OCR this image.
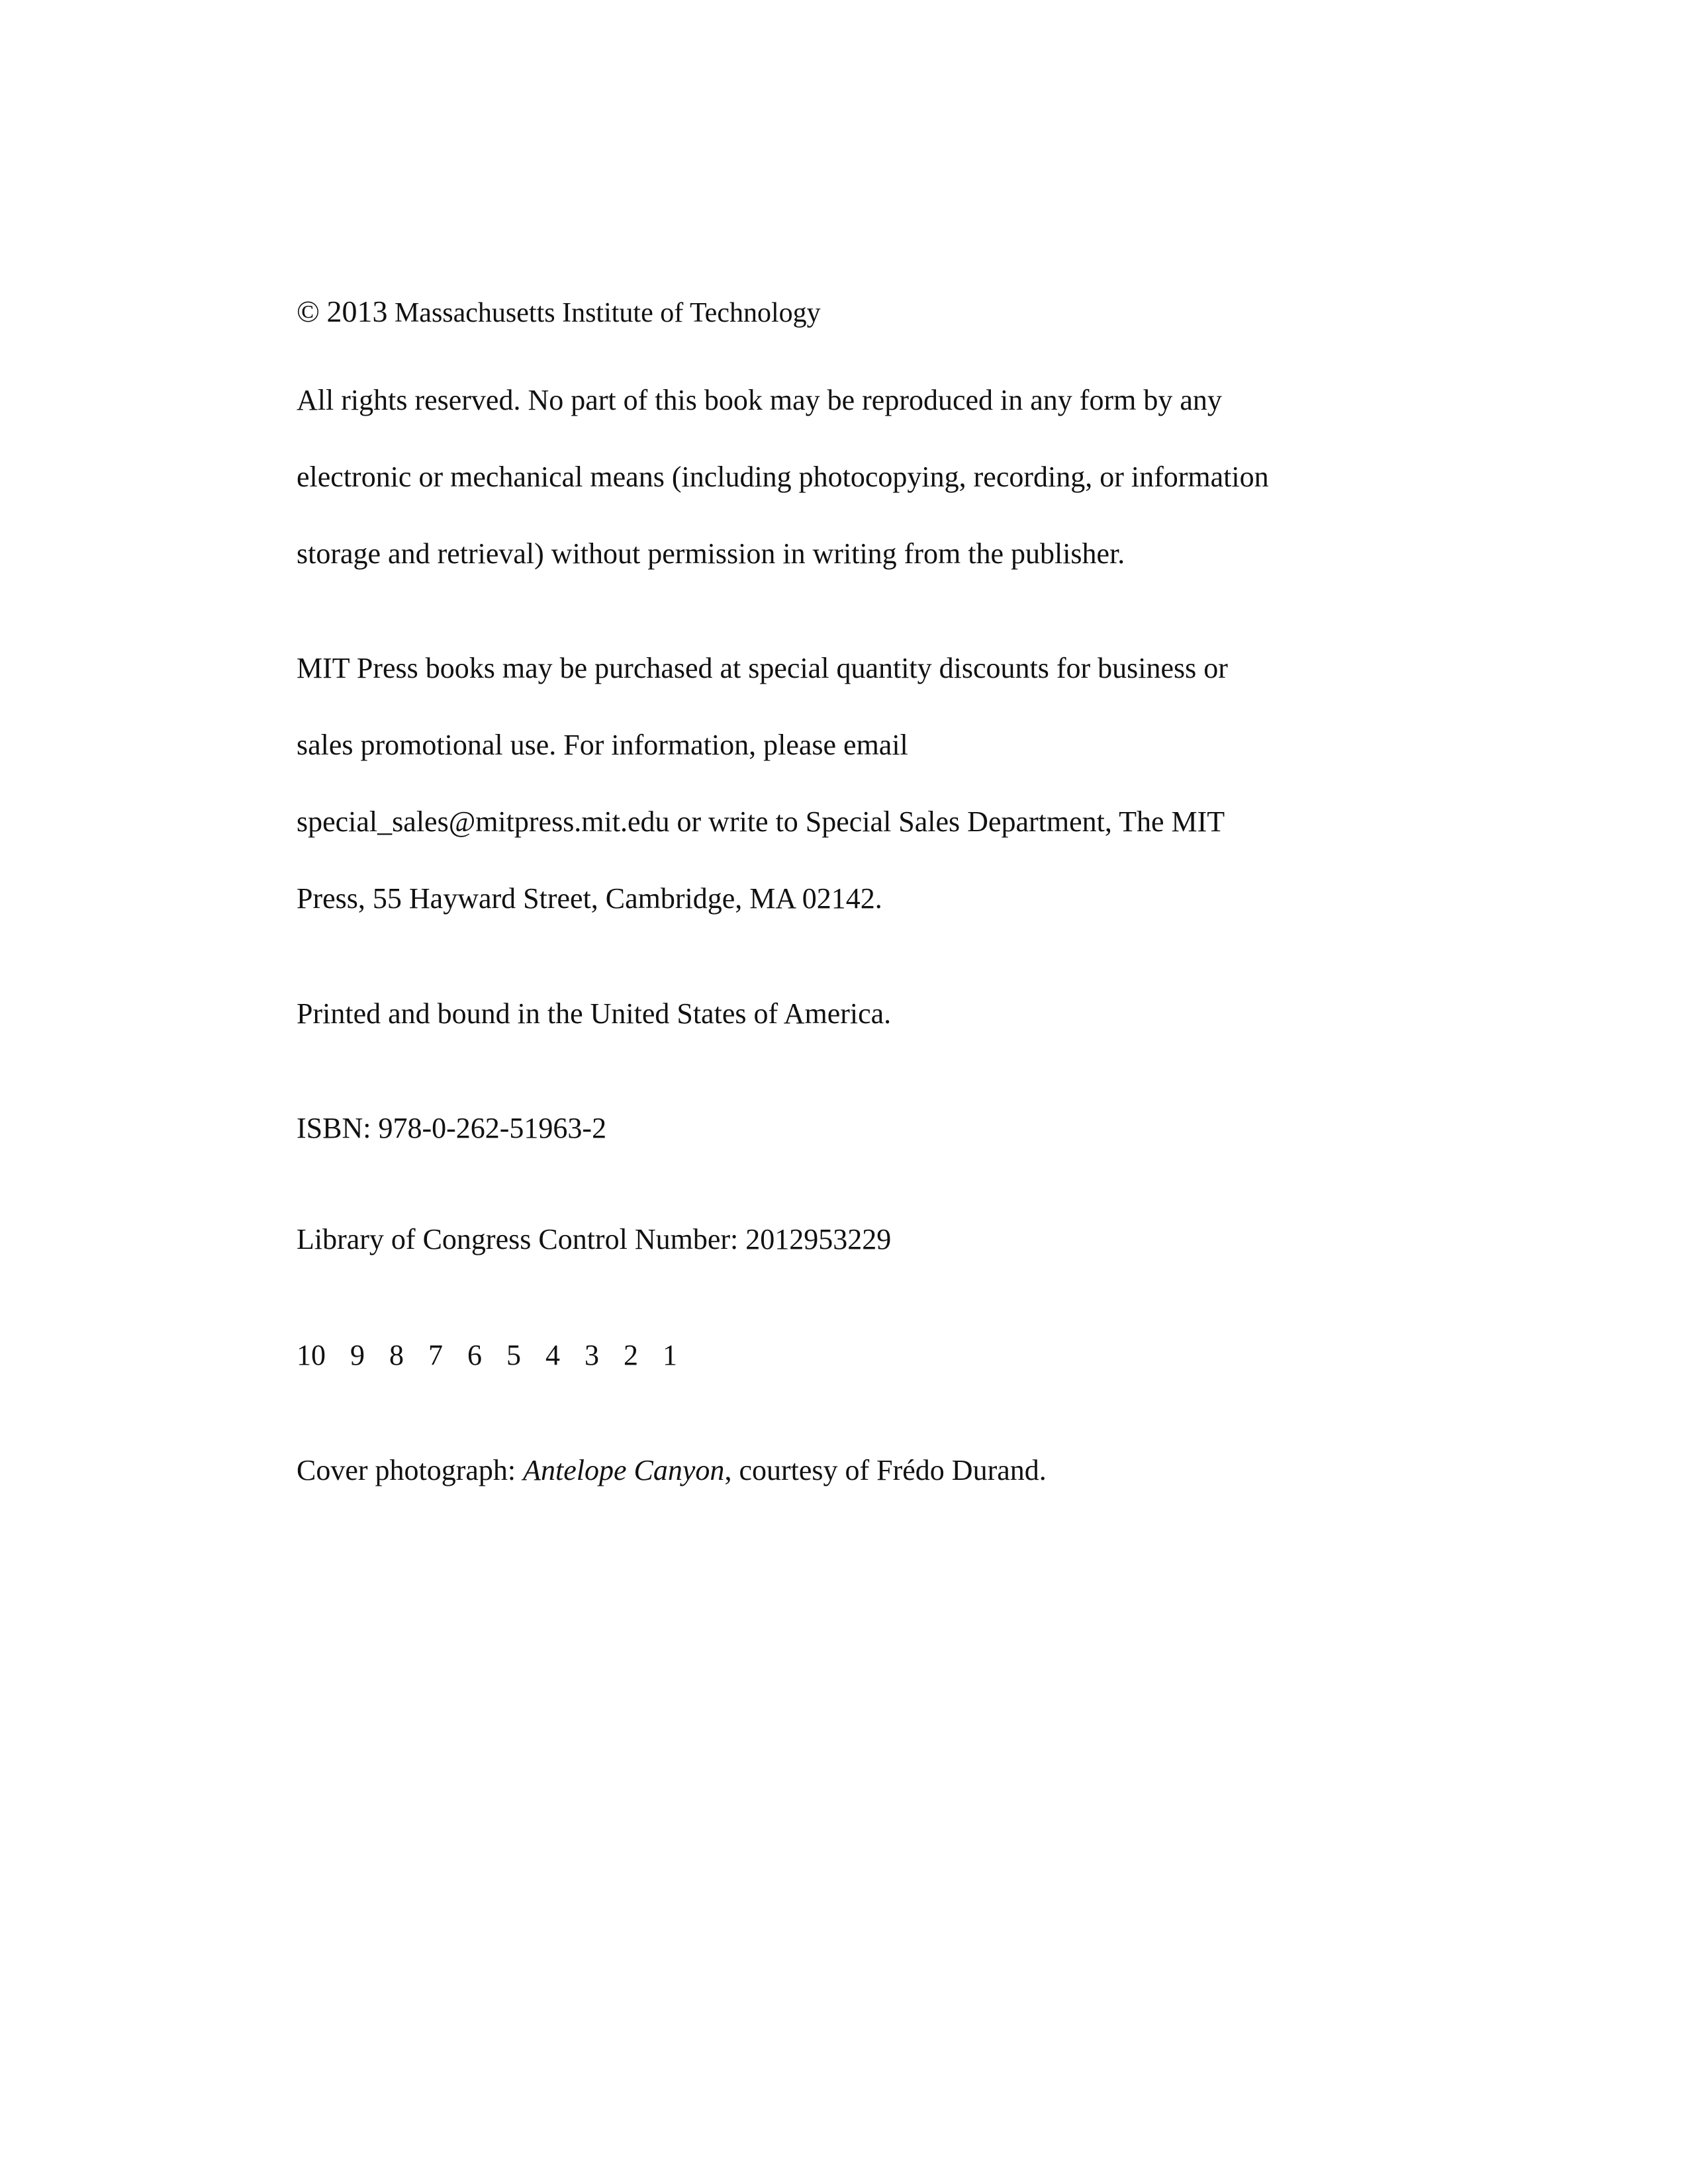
© 2013 Massachusetts Institute of Technology
All rights reserved. No part of this book may be reproduced in any form by any
electronic or mechanical means (including photocopying, recording, or information
storage and retrieval) without permission in writing from the publisher.
MIT Press books may be purchased at special quantity discounts for business or
sales promotional use. For information, please email
special_sales@mitpress.mit.edu or write to Special Sales Department, The MIT
Press, 55 Hayward Street, Cambridge, MA 02142.
Printed and bound in the United States of America.
ISBN: 978-0-262-51963-2
Library of Congress Control Number: 2012953229
10 9 8 7 6 5 4 3 2 1
Cover photograph: Antelope Canyon, courtesy of Frédo Durand.
